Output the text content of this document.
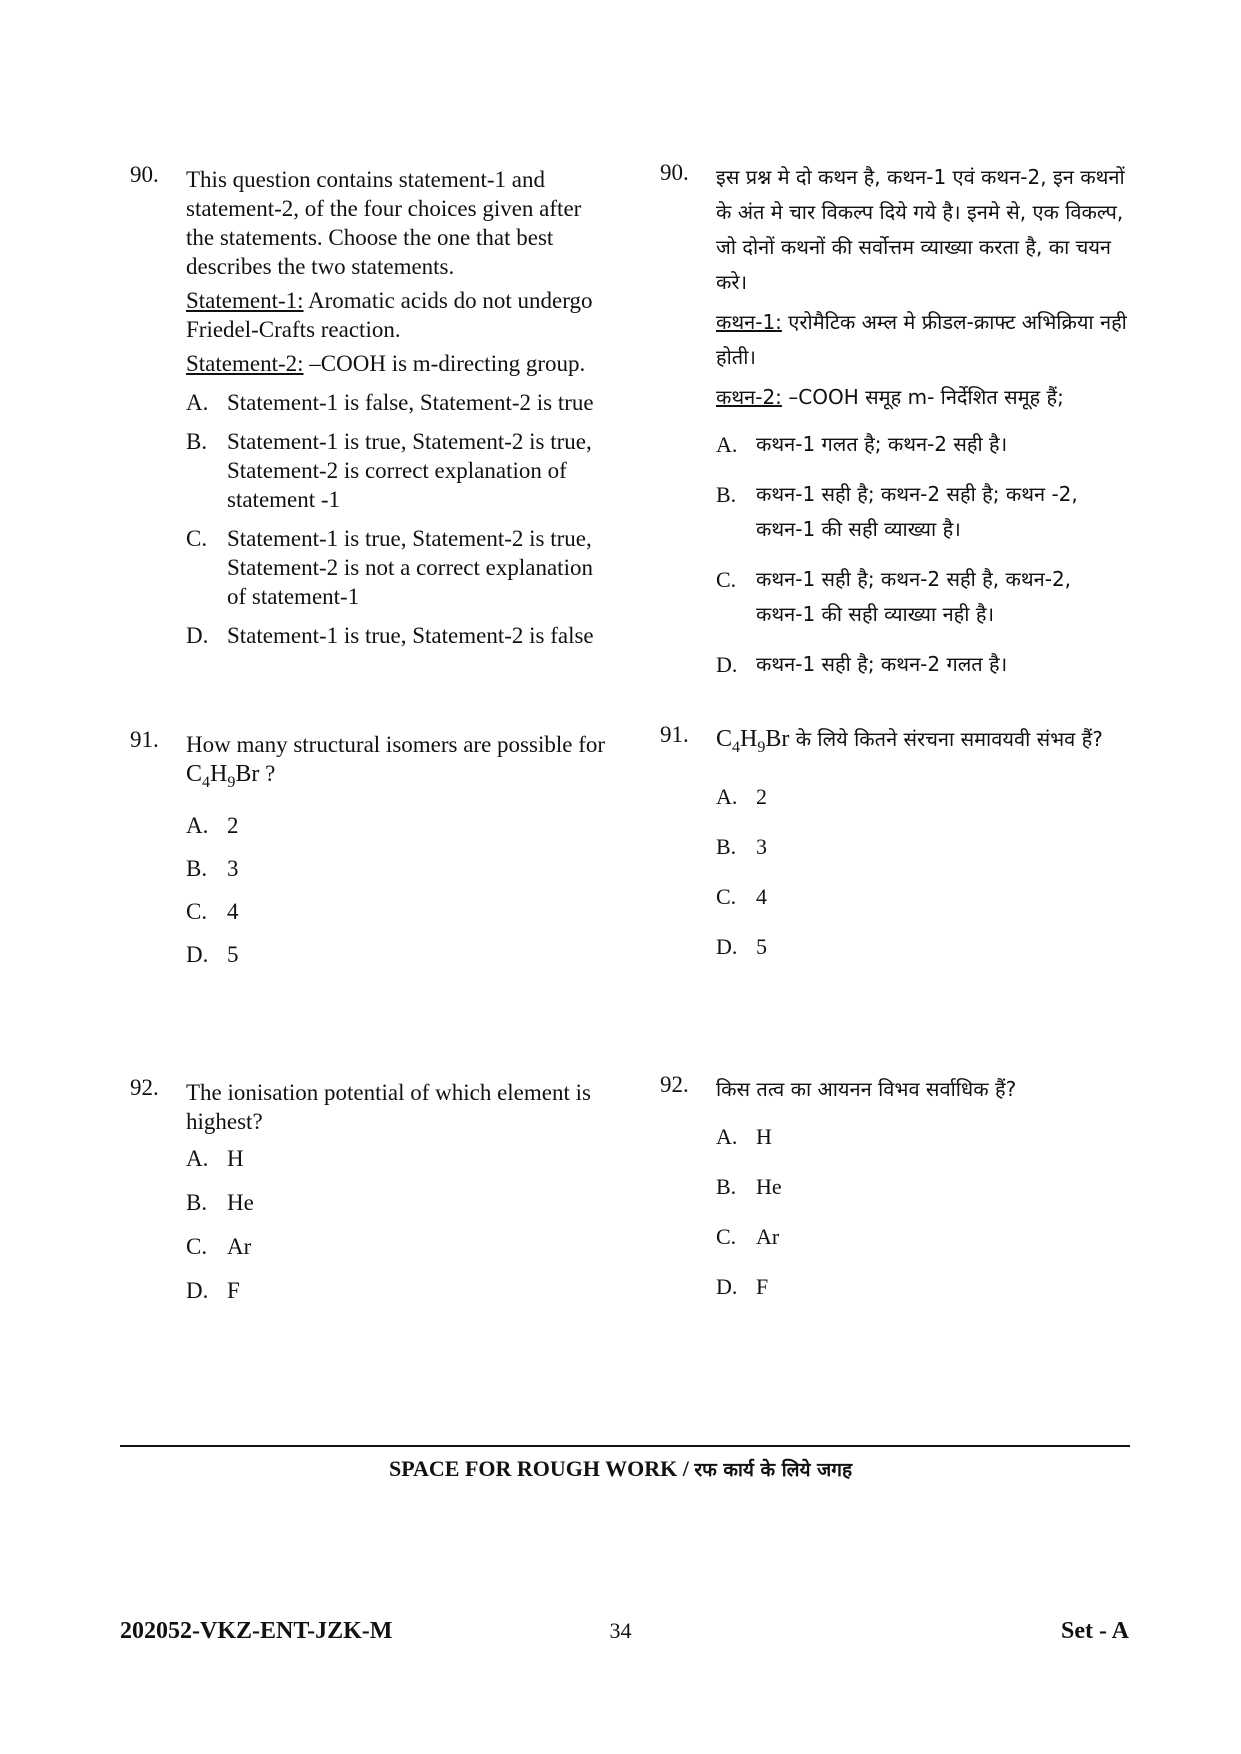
90. This question contains statement-1 and statement-2, of the four choices given after the statements. Choose the one that best describes the two statements.

Statement-1: Aromatic acids do not undergo Friedel-Crafts reaction.
Statement-2: –COOH is m-directing group.
A. Statement-1 is false, Statement-2 is true
B. Statement-1 is true, Statement-2 is true, Statement-2 is correct explanation of statement -1
C. Statement-1 is true, Statement-2 is true, Statement-2 is not a correct explanation of statement-1
D. Statement-1 is true, Statement-2 is false
91. How many structural isomers are possible for $C_4H_9Br$ ?

A. 2
B. 3
C. 4
D. 5
92. The ionisation potential of which element is highest?

A. H
B. He
C. Ar
D. F
90. इस प्रश्न मे दो कथन है, कथन-1 एवं कथन-2, इन कथनों के अंत मे चार विकल्प दिये गये है। इनमे से, एक विकल्प, जो दोनों कथनों की सर्वोत्तम व्याख्या करता है, का चयन करे।

कथन-1: एरोमैटिक अम्ल मे फ्रीडल-क्राफ्ट अभिक्रिया नही होती।
कथन-2: –COOH समूह m- निर्देशित समूह हैं;
A. कथन-1 गलत है; कथन-2 सही है।
B. कथन-1 सही है; कथन-2 सही है; कथन -2, कथन-1 की सही व्याख्या है।
C. कथन-1 सही है; कथन-2 सही है, कथन-2, कथन-1 की सही व्याख्या नही है।
D. कथन-1 सही है; कथन-2 गलत है।
91. $C_4H_9Br$ के लिये कितने संरचना समावयवी संभव हैं?

A. 2
B. 3
C. 4
D. 5
92. किस तत्व का आयनन विभव सर्वाधिक हैं?

A. H
B. He
C. Ar
D. F
SPACE FOR ROUGH WORK / रफ कार्य के लिये जगह
34
202052-VKZ-ENT-JZK-M	Set - A
